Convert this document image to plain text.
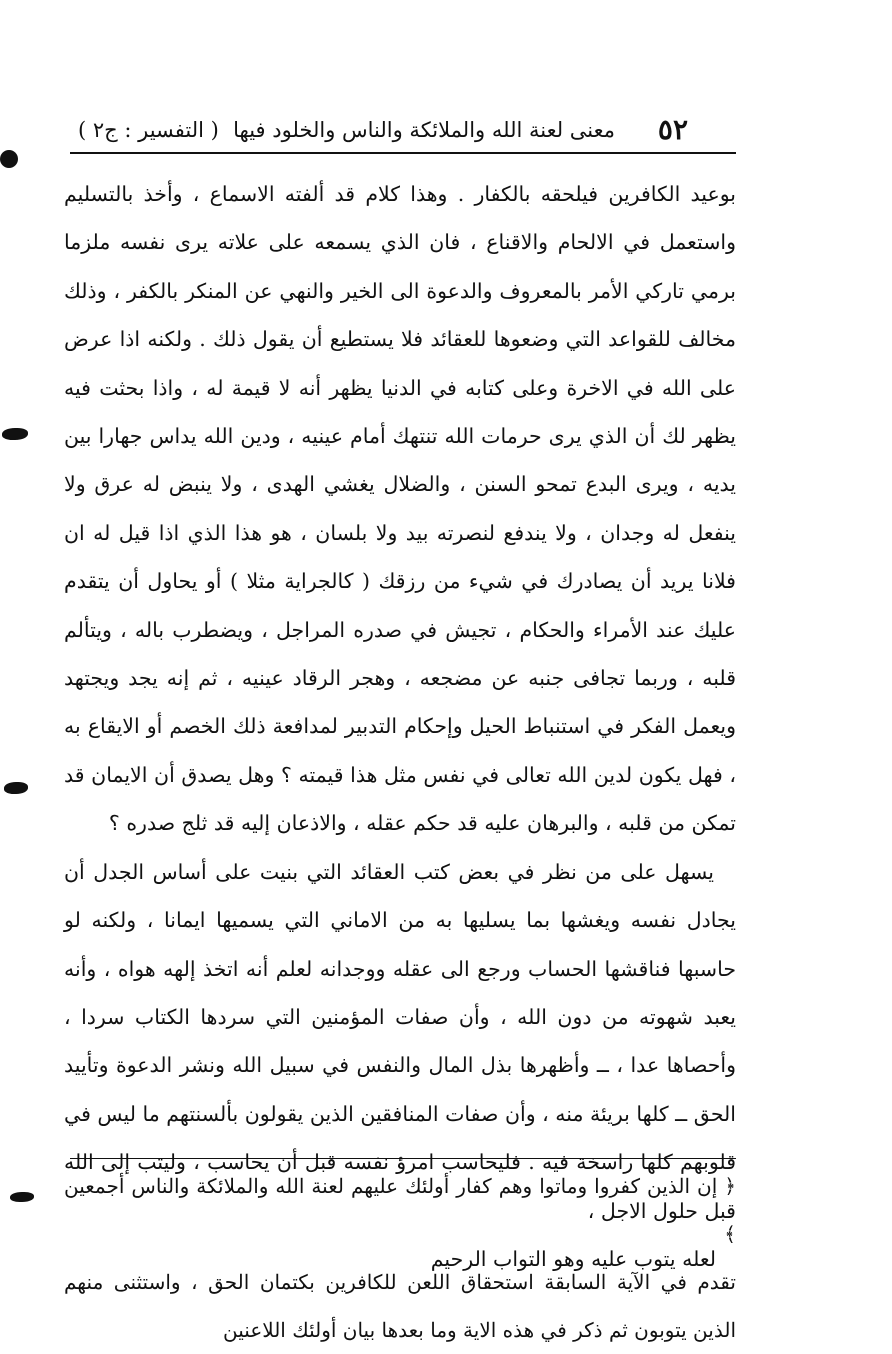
٥٢
معنى لعنة الله والملائكة والناس والخلود فيها
( التفسير : ج٢ )

بوعيد الكافرين فيلحقه بالكفار . وهذا كلام قد ألفته الاسماع ، وأخذ بالتسليم واستعمل في الالحام والاقناع ، فان الذي يسمعه على علاته يرى نفسه ملزما برمي تاركي الأمر بالمعروف والدعوة الى الخير والنهي عن المنكر بالكفر ، وذلك مخالف للقواعد التي وضعوها للعقائد فلا يستطيع أن يقول ذلك . ولكنه اذا عرض على الله في الاخرة وعلى كتابه في الدنيا يظهر أنه لا قيمة له ، واذا بحثت فيه يظهر لك أن الذي يرى حرمات الله تنتهك أمام عينيه ، ودين الله يداس جهارا بين يديه ، ويرى البدع تمحو السنن ، والضلال يغشي الهدى ، ولا ينبض له عرق ولا ينفعل له وجدان ، ولا يندفع لنصرته بيد ولا بلسان ، هو هذا الذي اذا قيل له ان فلانا يريد أن يصادرك في شيء من رزقك ( كالجراية مثلا ) أو يحاول أن يتقدم عليك عند الأمراء والحكام ، تجيش في صدره المراجل ، ويضطرب باله ، ويتألم قلبه ، وربما تجافى جنبه عن مضجعه ، وهجر الرقاد عينيه ، ثم إنه يجد ويجتهد ويعمل الفكر في استنباط الحيل وإحكام التدبير لمدافعة ذلك الخصم أو الايقاع به ، فهل يكون لدين الله تعالى في نفس مثل هذا قيمته ؟ وهل يصدق أن الايمان قد تمكن من قلبه ، والبرهان عليه قد حكم عقله ، والاذعان إليه قد ثلج صدره ؟

يسهل على من نظر في بعض كتب العقائد التي بنيت على أساس الجدل أن يجادل نفسه ويغشها بما يسليها به من الاماني التي يسميها ايمانا ، ولكنه لو حاسبها فناقشها الحساب ورجع الى عقله ووجدانه لعلم أنه اتخذ إلهه هواه ، وأنه يعبد شهوته من دون الله ، وأن صفات المؤمنين التي سردها الكتاب سردا ، وأحصاها عدا ، ــ وأظهرها بذل المال والنفس في سبيل الله ونشر الدعوة وتأييد الحق ــ كلها بريئة منه ، وأن صفات المنافقين الذين يقولون بألسنتهم ما ليس في قلوبهم كلها راسخة فيه . فليحاسب امرؤ نفسه قبل أن يحاسب ، وليتب إلى الله قبل حلول الاجل ،

لعله يتوب عليه وهو التواب الرحيم

﴿ إن الذين كفروا وماتوا وهم كفار أولئك عليهم لعنة الله والملائكة والناس أجمعين ﴾

تقدم في الآية السابقة استحقاق اللعن للكافرين بكتمان الحق ، واستثنى منهم الذين يتوبون ثم ذكر في هذه الاية وما بعدها بيان أولئك اللاعنين
